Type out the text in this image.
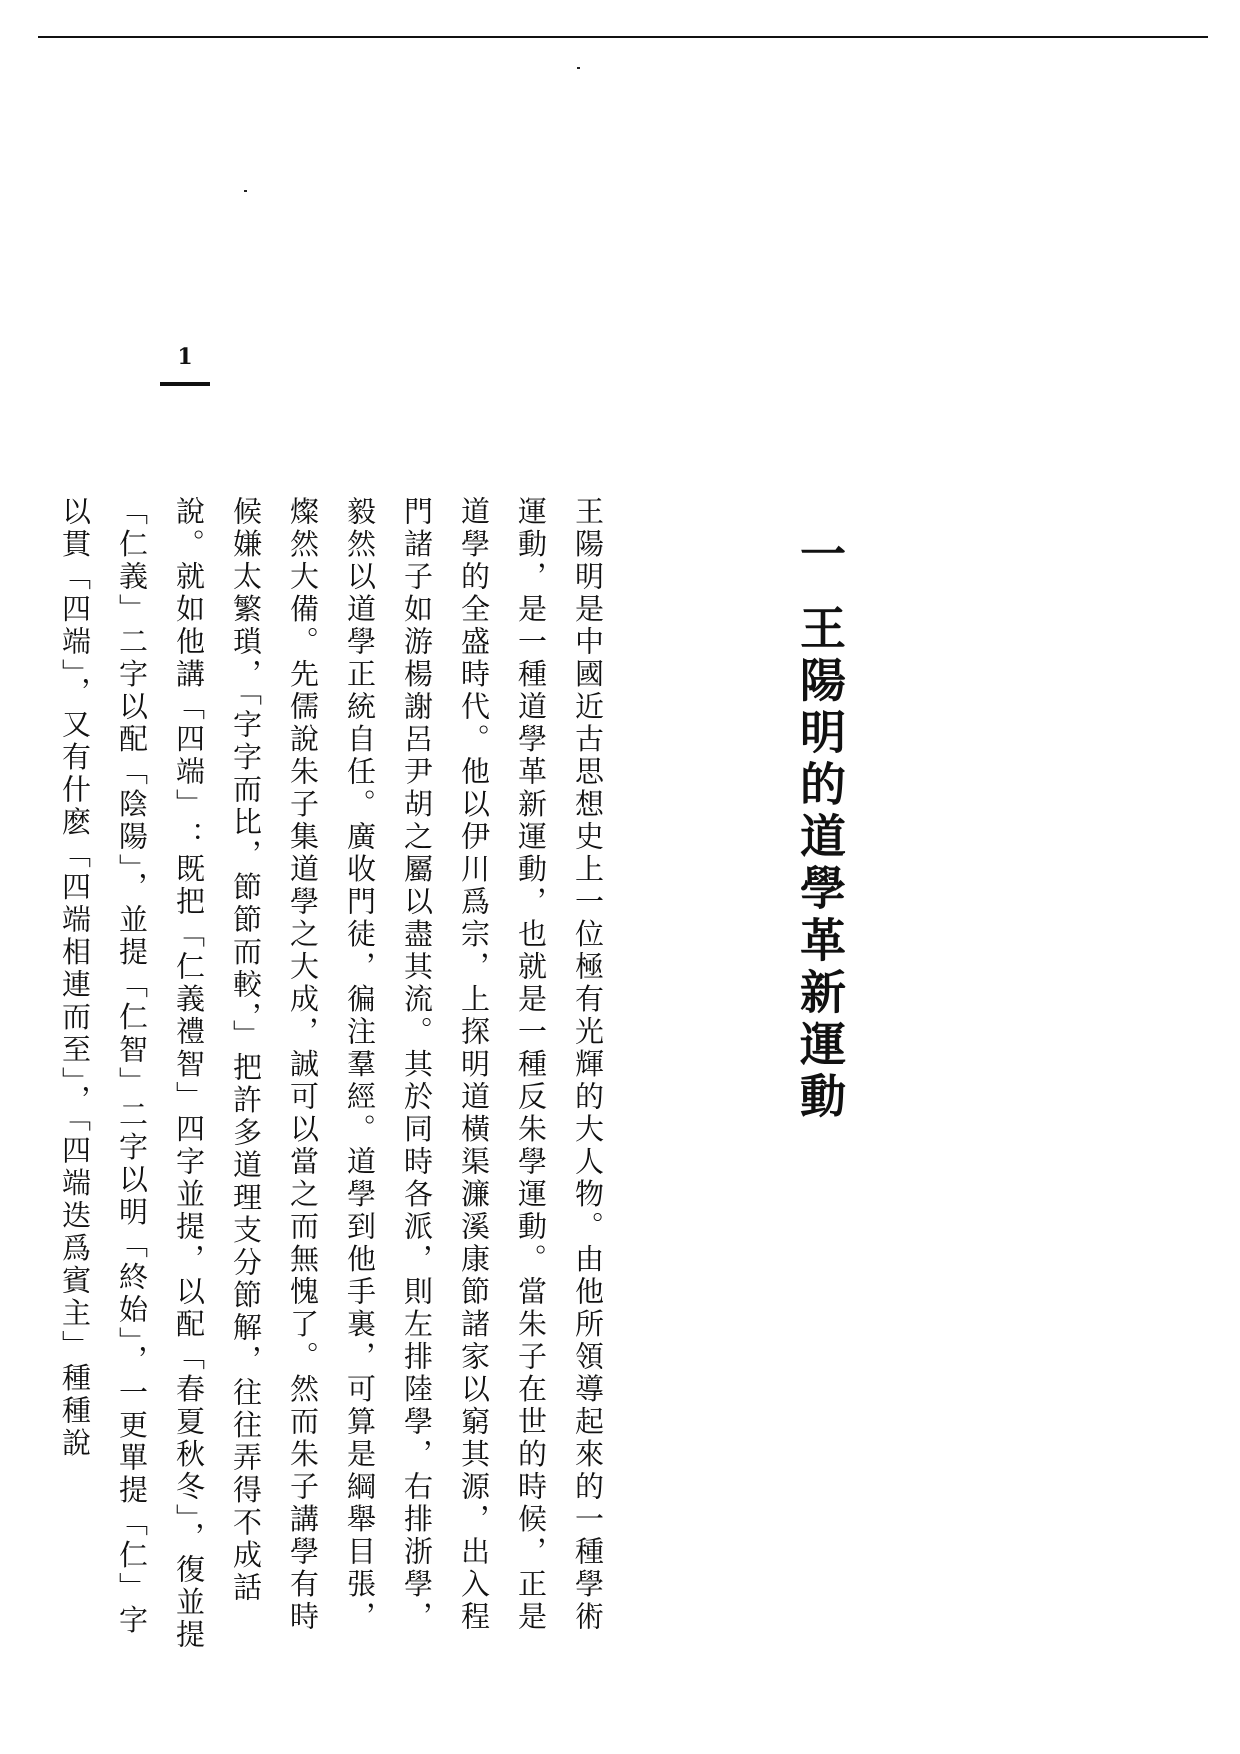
1
一 王陽明的道學革新運動

王陽明是中國近古思想史上一位極有光輝的大人物。由他所領導起來的一種學術運動，是一種道學革新運動，也就是一種反朱學運動。當朱子在世的時候，正是道學的全盛時代。他以伊川爲宗，上探明道橫渠濂溪康節諸家以窮其源，出入程門諸子如游楊謝呂尹胡之屬以盡其流。其於同時各派，則左排陸學，右排浙學，毅然以道學正統自任。廣收門徒，徧注羣經。道學到他手裏，可算是綱舉目張，燦然大備。先儒說朱子集道學之大成，誠可以當之而無愧了。然而朱子講學有時候嫌太繁瑣，「字字而比，節節而較，」把許多道理支分節解，往往弄得不成話說。就如他講「四端」：既把「仁義禮智」四字並提，以配「春夏秋冬」，復並提「仁義」二字以配「陰陽」，並提「仁智」二字以明「終始」，一更單提「仁」字以貫「四端」，又有什麽「四端相連而至」，「四端迭爲賓主」種種說
